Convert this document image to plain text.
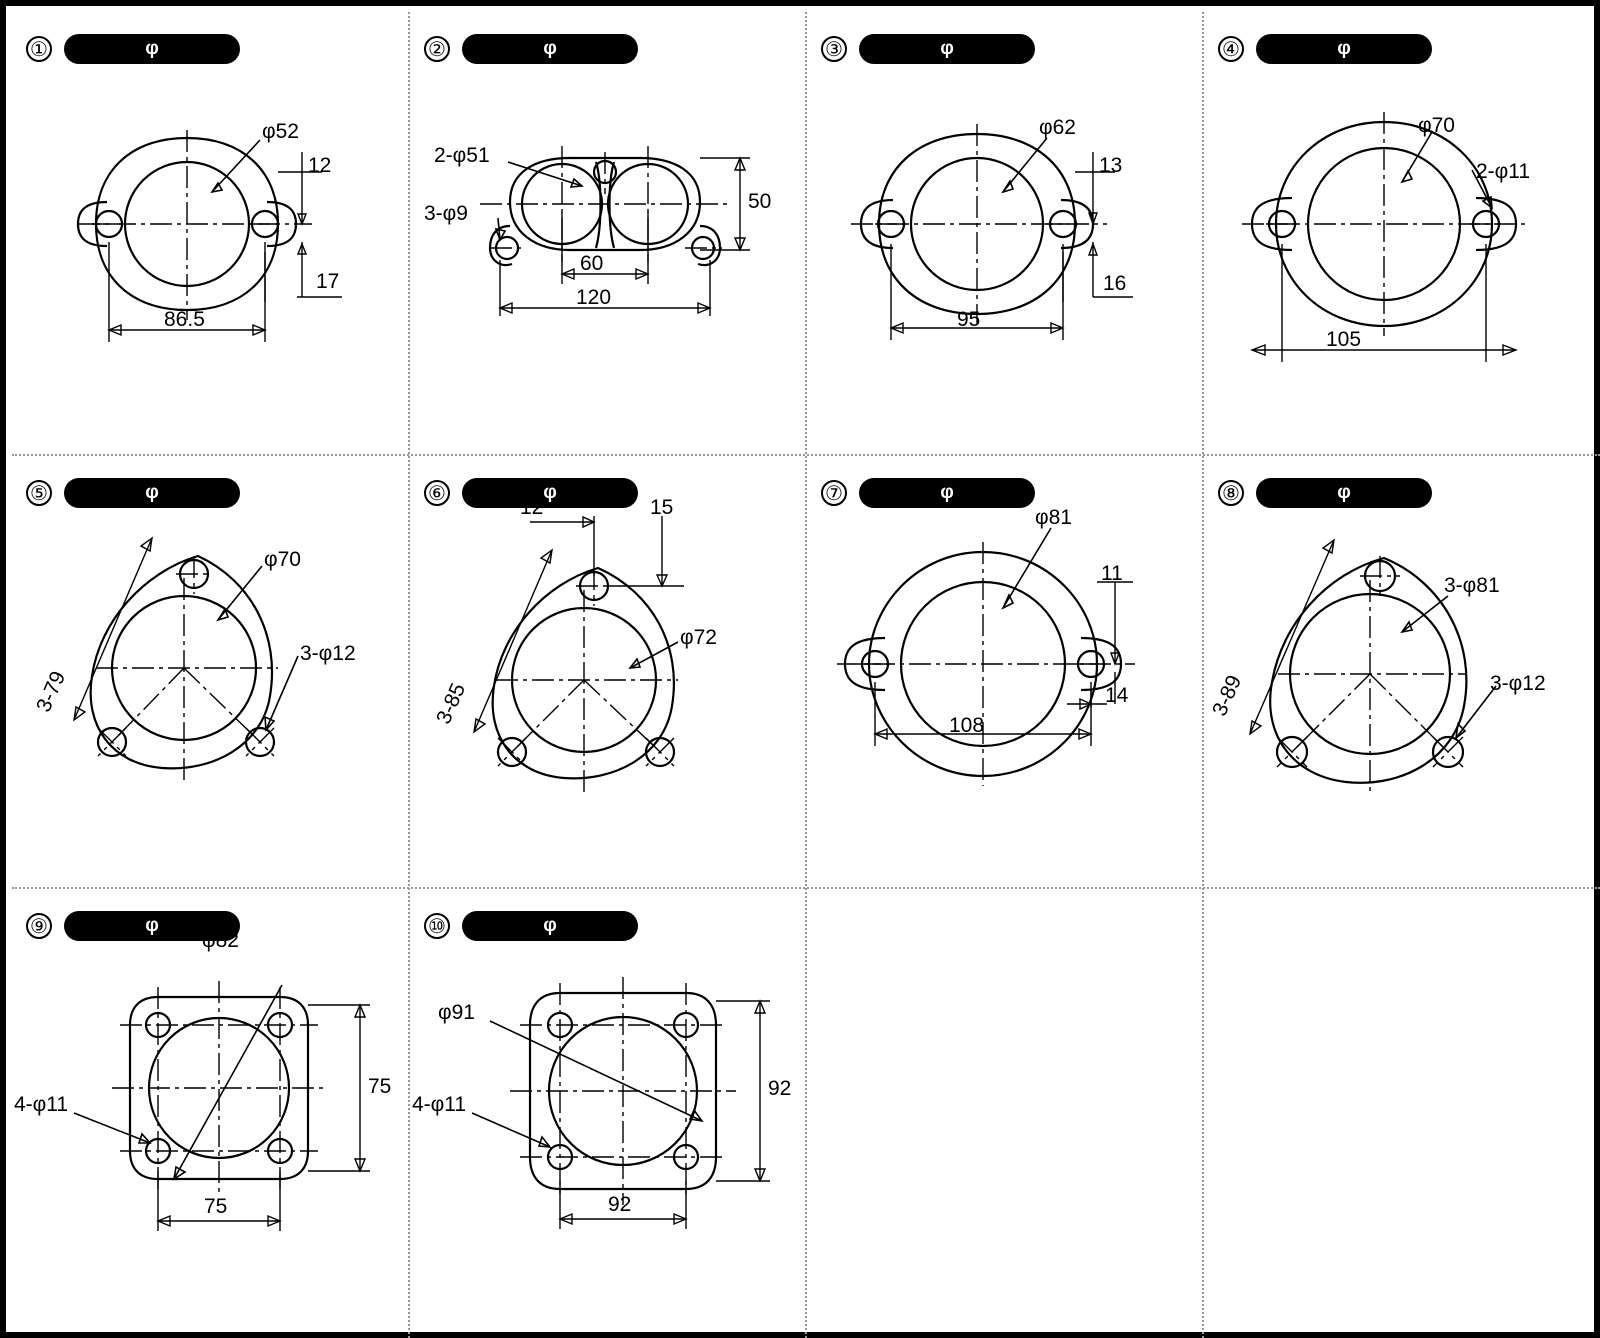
①	φ
φ52
12
17
86.5
②	φ
2-φ51
3-φ9
50
60
120
③	φ
φ62
13
16
95
④	φ
φ70
2-φ11
105
⑤	φ
3-79
φ70
3-φ12
⑥	φ
12	15
3-85
φ72
⑦	φ
φ81
11
14
108
⑧	φ
3-89
3-φ81
3-φ12
⑨	φ
φ82
75
4-φ11
75
⑩	φ
φ91
92
4-φ11
92
